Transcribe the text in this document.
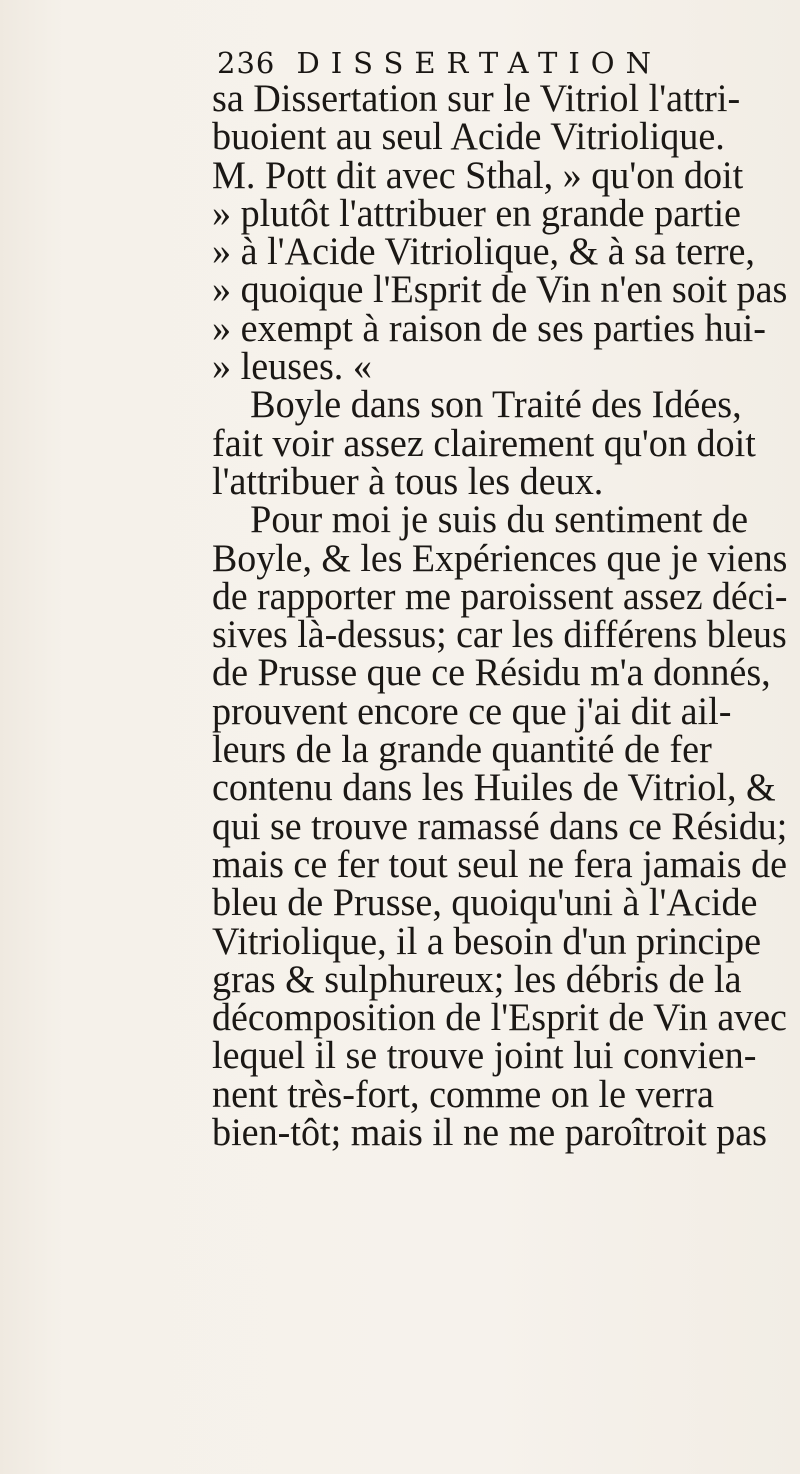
236 DISSERTATION
sa Dissertation sur le Vitriol l'attri-
buoient au seul Acide Vitriolique.
M. Pott dit avec Sthal, » qu'on doit
» plutôt l'attribuer en grande partie
» à l'Acide Vitriolique, & à sa terre,
» quoique l'Esprit de Vin n'en soit pas
» exempt à raison de ses parties hui-
» leuses. «
Boyle dans son Traité des Idées,
fait voir assez clairement qu'on doit
l'attribuer à tous les deux.
Pour moi je suis du sentiment de
Boyle, & les Expériences que je viens
de rapporter me paroissent assez déci-
sives là-dessus; car les différens bleus
de Prusse que ce Résidu m'a donnés,
prouvent encore ce que j'ai dit ail-
leurs de la grande quantité de fer
contenu dans les Huiles de Vitriol, &
qui se trouve ramassé dans ce Résidu;
mais ce fer tout seul ne fera jamais de
bleu de Prusse, quoiqu'uni à l'Acide
Vitriolique, il a besoin d'un principe
gras & sulphureux; les débris de la
décomposition de l'Esprit de Vin avec
lequel il se trouve joint lui convien-
nent très-fort, comme on le verra
bien-tôt; mais il ne me paroîtroit pas
